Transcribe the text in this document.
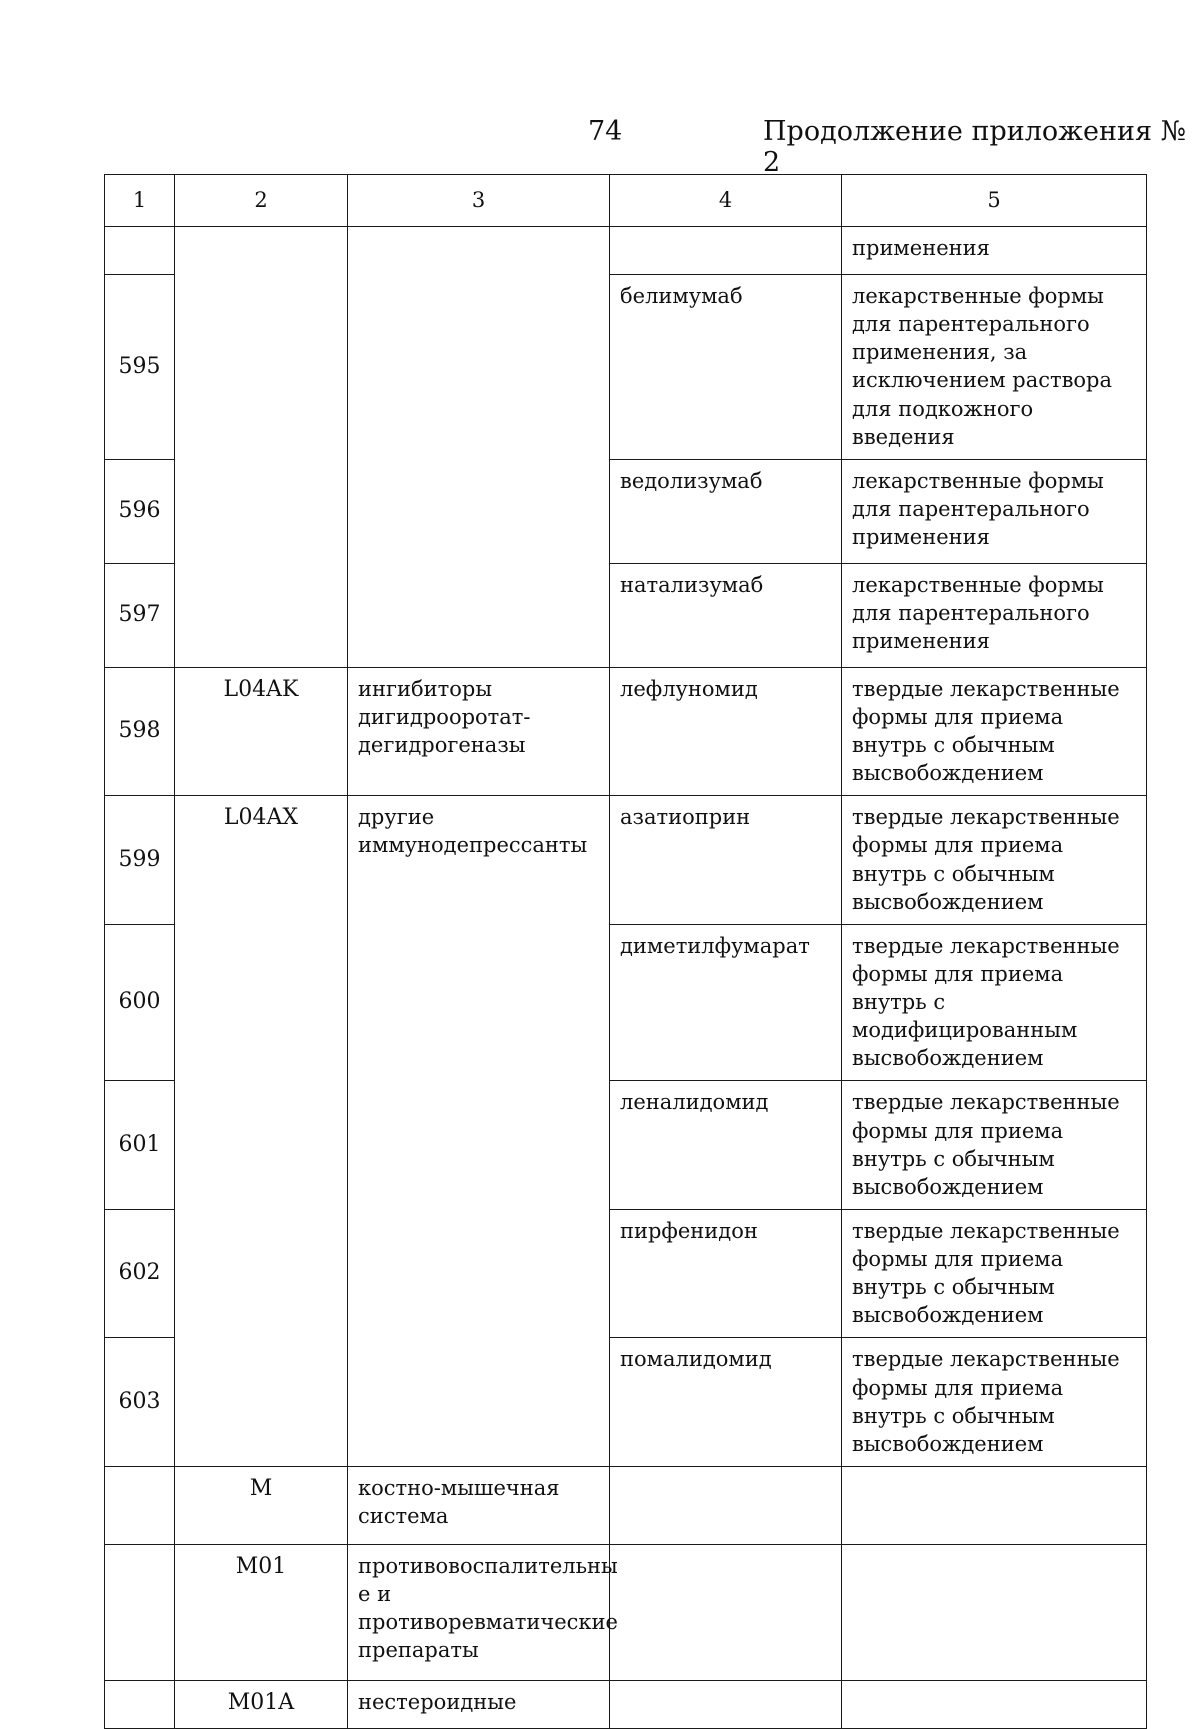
74	Продолжение приложения № 2
1	2	3	4	5
				применения
595			белимумаб	лекарственные формы для парентерального применения, за исключением раствора для подкожного введения
596			ведолизумаб	лекарственные формы для парентерального применения
597			натализумаб	лекарственные формы для парентерального применения
598	L04AK	ингибиторы дигидрооротат-дегидрогеназы	лефлуномид	твердые лекарственные формы для приема внутрь с обычным высвобождением
599	L04AX	другие иммунодепрессанты	азатиоприн	твердые лекарственные формы для приема внутрь с обычным высвобождением
600			диметилфумарат	твердые лекарственные формы для приема внутрь с модифицированным высвобождением
601			леналидомид	твердые лекарственные формы для приема внутрь с обычным высвобождением
602			пирфенидон	твердые лекарственные формы для приема внутрь с обычным высвобождением
603			помалидомид	твердые лекарственные формы для приема внутрь с обычным высвобождением
	M	костно-мышечная система		
	M01	противовоспалительны е и противоревматические препараты		
	M01A	нестероидные		
